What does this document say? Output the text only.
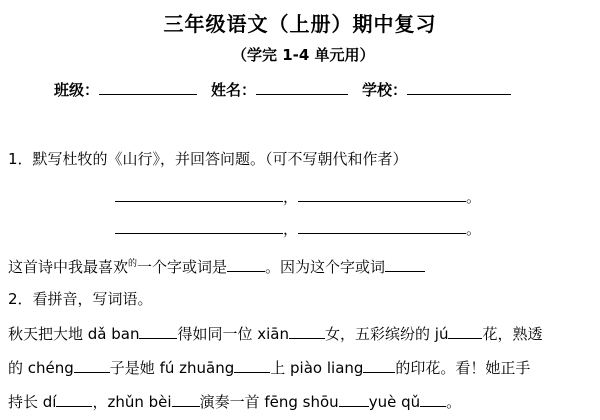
三年级语文（上册）期中复习
（学完 1-4 单元用）
班级：	姓名：	学校：
1．默写杜牧的《山行》，并回答问题。（可不写朝代和作者）
，	。
，	。
这首诗中我最喜欢$^的$一个字或词是	。因为这个字或词
2．看拼音，写词语。
秋天把大地 dǎ ban	得如同一位 xiān 女，五彩缤纷的 jú 花，熟透
的 chéng 子是她 fú zhuāng 上 piào liang 的印花。看！她正手
持长 dí ，zhǔn bèi 演奏一首 fēng shōu yuè qǔ 。
